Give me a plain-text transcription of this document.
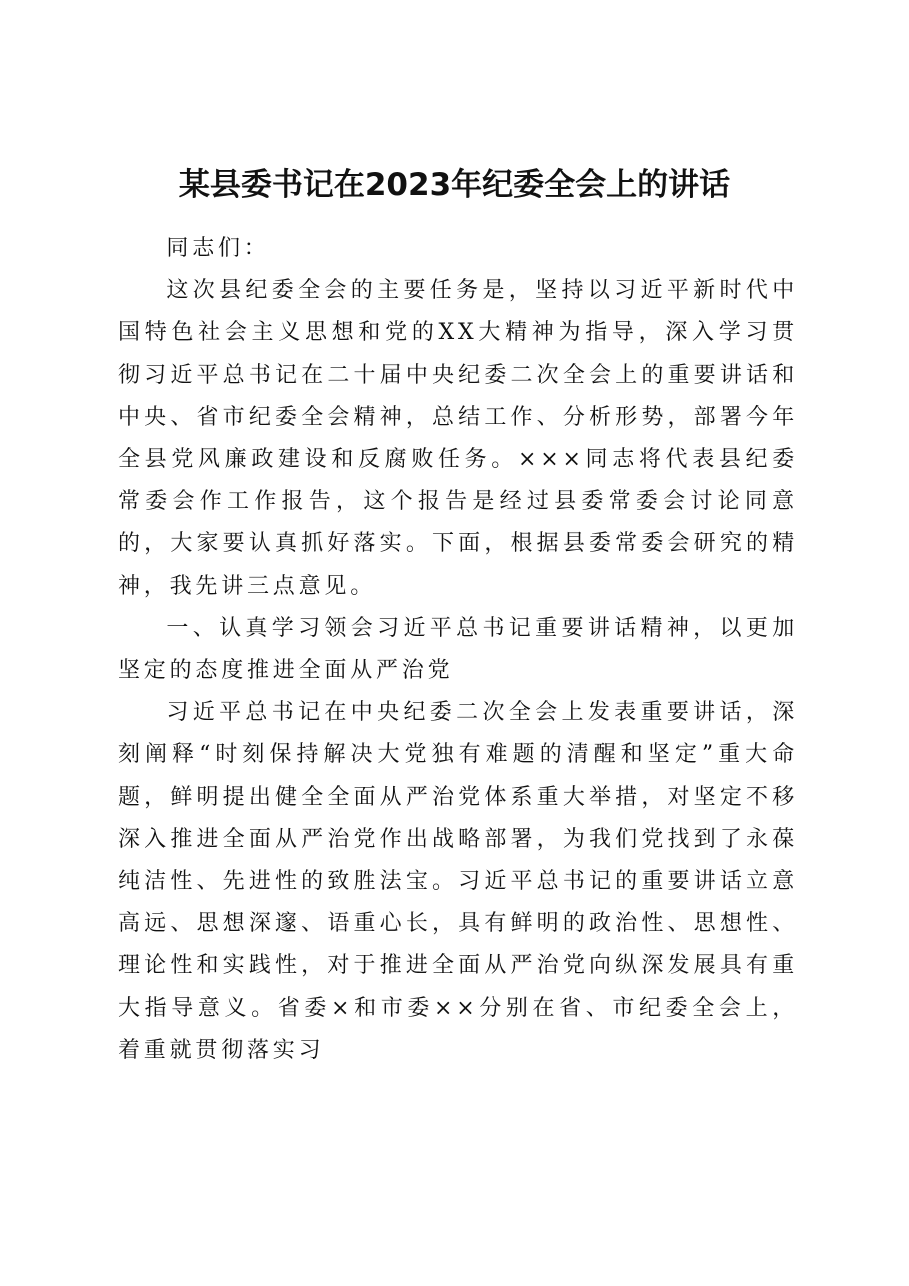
某县委书记在2023年纪委全会上的讲话

同志们：

这次县纪委全会的主要任务是，坚持以习近平新时代中国特色社会主义思想和党的XX大精神为指导，深入学习贯彻习近平总书记在二十届中央纪委二次全会上的重要讲话和中央、省市纪委全会精神，总结工作、分析形势，部署今年全县党风廉政建设和反腐败任务。×××同志将代表县纪委常委会作工作报告，这个报告是经过县委常委会讨论同意的，大家要认真抓好落实。下面，根据县委常委会研究的精神，我先讲三点意见。

一、认真学习领会习近平总书记重要讲话精神，以更加坚定的态度推进全面从严治党

习近平总书记在中央纪委二次全会上发表重要讲话，深刻阐释“时刻保持解决大党独有难题的清醒和坚定”重大命题，鲜明提出健全全面从严治党体系重大举措，对坚定不移深入推进全面从严治党作出战略部署，为我们党找到了永葆纯洁性、先进性的致胜法宝。习近平总书记的重要讲话立意高远、思想深邃、语重心长，具有鲜明的政治性、思想性、理论性和实践性，对于推进全面从严治党向纵深发展具有重大指导意义。省委×和市委××分别在省、市纪委全会上，着重就贯彻落实习
